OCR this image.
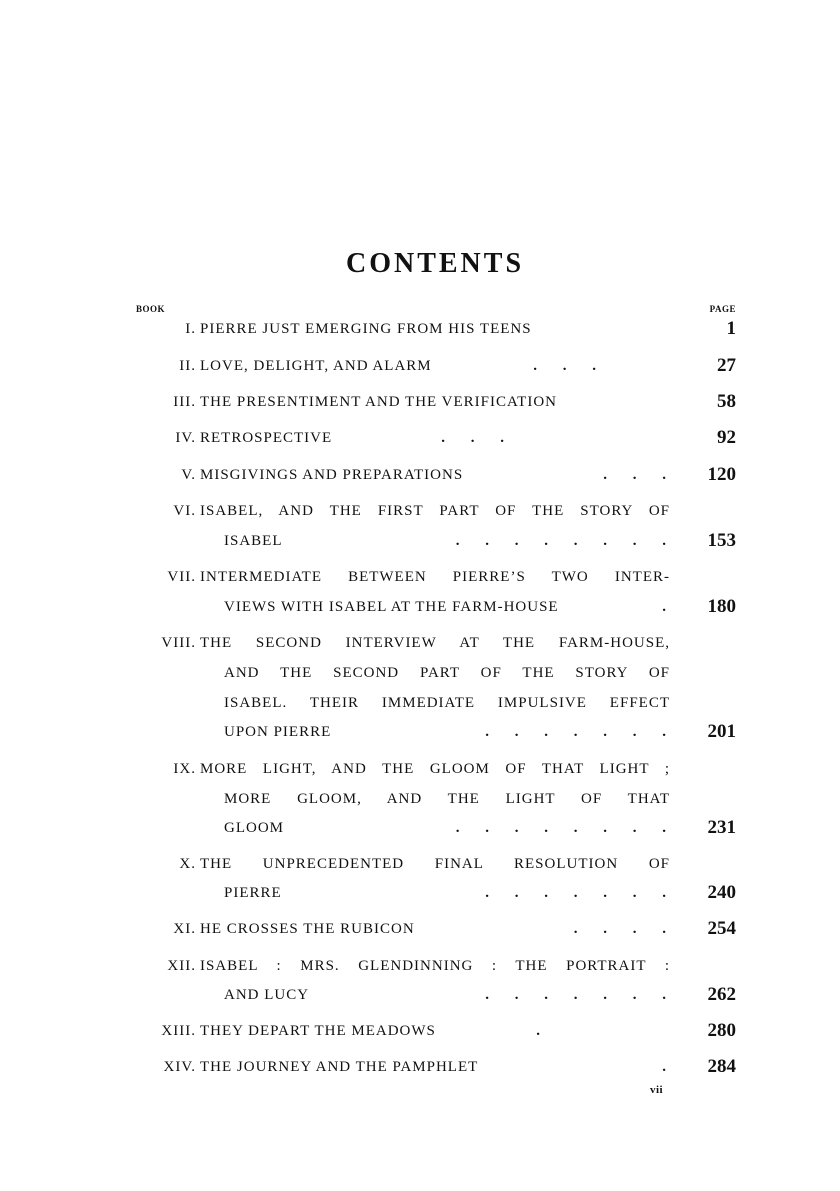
CONTENTS
BOOK	PAGE
I. PIERRE JUST EMERGING FROM HIS TEENS	1
II. LOVE, DELIGHT, AND ALARM	. . .	27
III. THE PRESENTIMENT AND THE VERIFICATION	58
IV. RETROSPECTIVE	. . .	92
V. MISGIVINGS AND PREPARATIONS	. . .	120
VI. ISABEL, AND THE FIRST PART OF THE STORY OF
ISABEL	. . . . . . . .	153
VII. INTERMEDIATE BETWEEN PIERRE’S TWO INTER-
VIEWS WITH ISABEL AT THE FARM-HOUSE	.	180
VIII. THE SECOND INTERVIEW AT THE FARM-HOUSE,
AND THE SECOND PART OF THE STORY OF
ISABEL. THEIR IMMEDIATE IMPULSIVE EFFECT
UPON PIERRE	. . . . . . .	201
IX. MORE LIGHT, AND THE GLOOM OF THAT LIGHT ;
MORE GLOOM, AND THE LIGHT OF THAT
GLOOM	. . . . . . . .	231
X. THE UNPRECEDENTED FINAL RESOLUTION OF
PIERRE	. . . . . . .	240
XI. HE CROSSES THE RUBICON	. . . .	254
XII. ISABEL : MRS. GLENDINNING : THE PORTRAIT :
AND LUCY	. . . . . . .	262
XIII. THEY DEPART THE MEADOWS	.	280
XIV. THE JOURNEY AND THE PAMPHLET	.	284
vii
